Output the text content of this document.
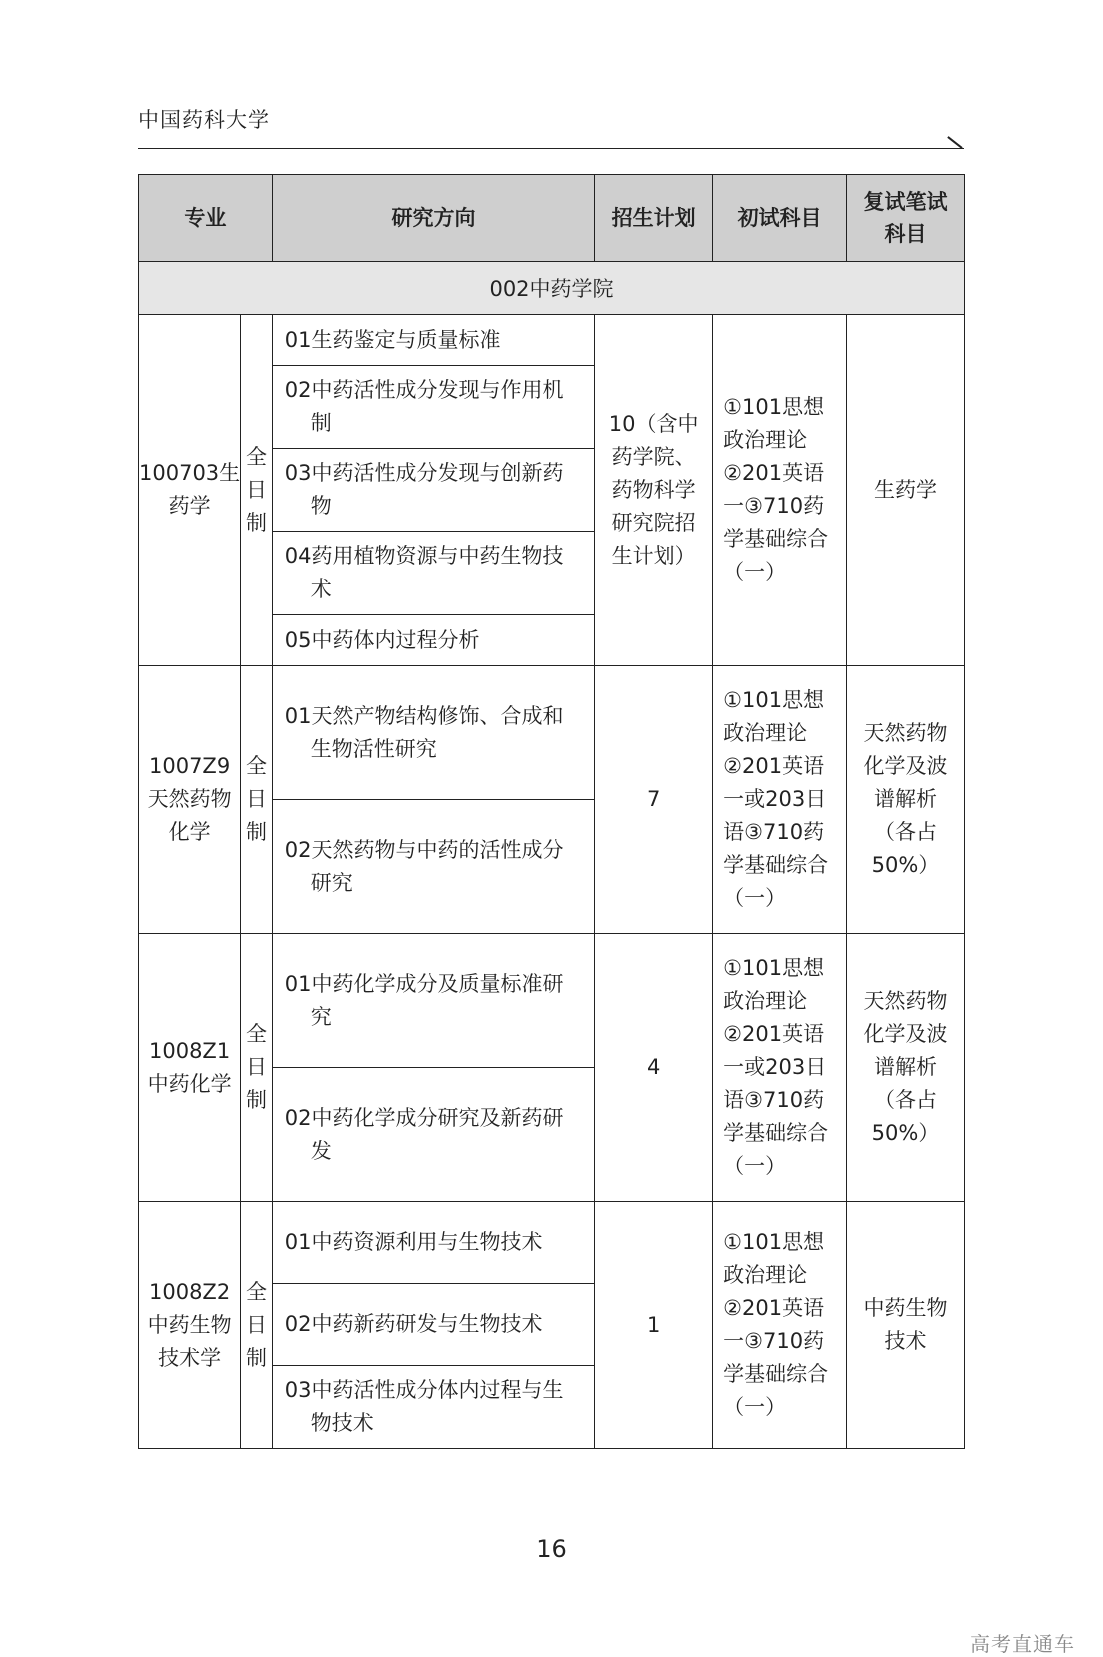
中国药科大学
专业		研究方向	招生计划	初试科目	复试笔试科目
002中药学院					
100703生药学	全日制	01生药鉴定与质量标准	10（含中药学院、药物科学研究院招生计划）	①101思想政治理论②201英语一③710药学基础综合（一）	生药学
		02中药活性成分发现与作用机制			
		03中药活性成分发现与创新药物			
		04药用植物资源与中药生物技术			
		05中药体内过程分析			
1007Z9天然药物化学	全日制	01天然产物结构修饰、合成和生物活性研究	7	①101思想政治理论②201英语一或203日语③710药学基础综合（一）	天然药物化学及波谱解析（各占50%）
		02天然药物与中药的活性成分研究			
1008Z1中药化学	全日制	01中药化学成分及质量标准研究	4	①101思想政治理论②201英语一或203日语③710药学基础综合（一）	天然药物化学及波谱解析（各占50%）
		02中药化学成分研究及新药研发			
1008Z2中药生物技术学	全日制	01中药资源利用与生物技术	1	①101思想政治理论②201英语一③710药学基础综合（一）	中药生物技术
		02中药新药研发与生物技术			
		03中药活性成分体内过程与生物技术			
16
高考直通车
